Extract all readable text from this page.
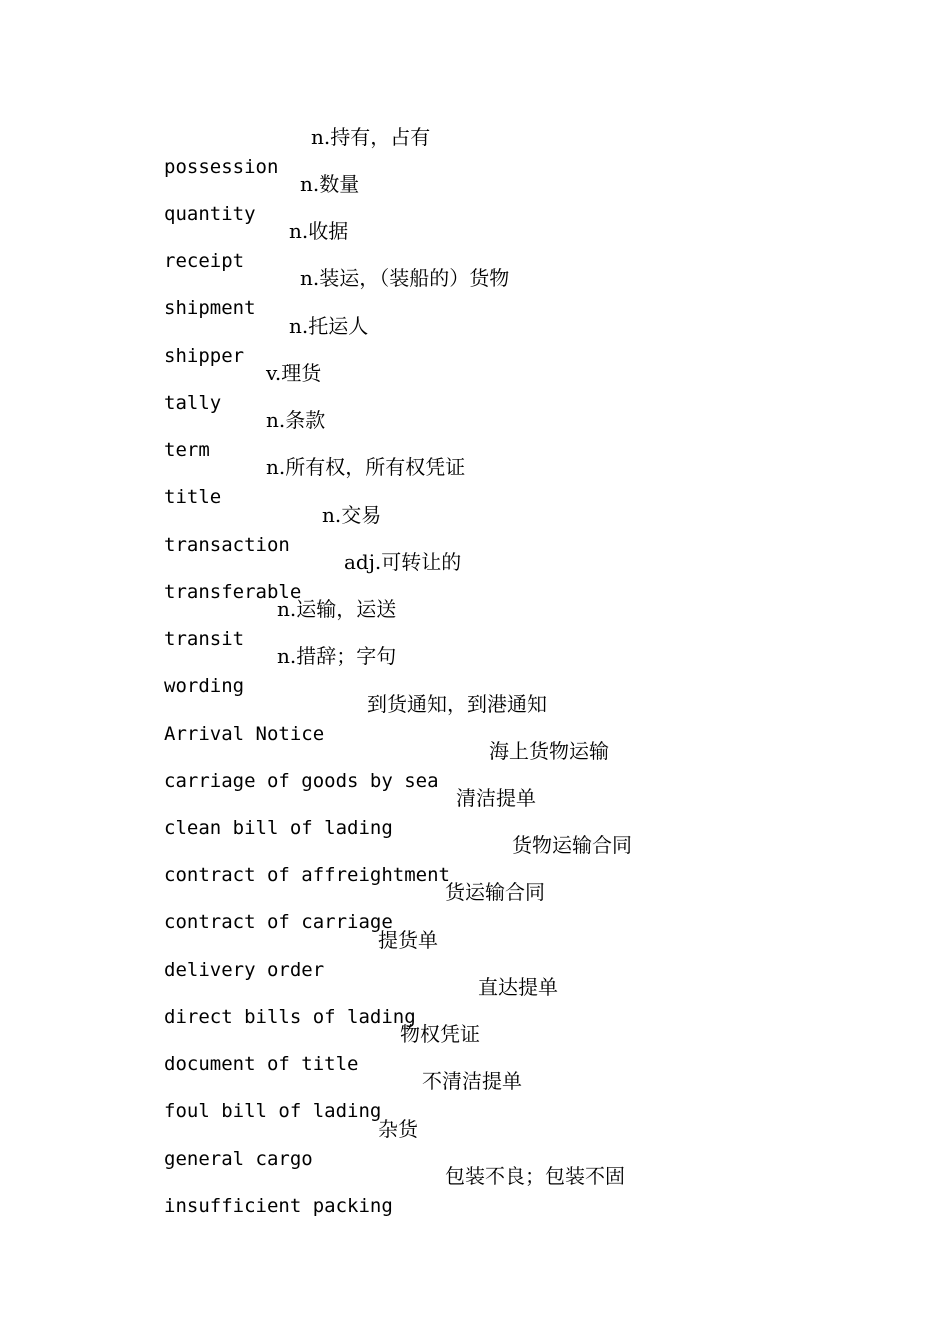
possession
n.持有，占有

quantity
n.数量

receipt
n.收据

shipment
n.装运，（装船的）货物

shipper
n.托运人

tally
v.理货

term
n.条款

title
n.所有权，所有权凭证

transaction
n.交易

transferable
adj.可转让的

transit
n.运输，运送

wording
n.措辞；字句

Arrival Notice
到货通知，到港通知

carriage of goods by sea
海上货物运输

clean bill of lading
清洁提单

contract of affreightment
货物运输合同

contract of carriage
货运输合同

delivery order
提货单

direct bills of lading
直达提单

document of title
物权凭证

foul bill of lading
不清洁提单

general cargo
杂货

insufficient packing
包装不良；包装不固
